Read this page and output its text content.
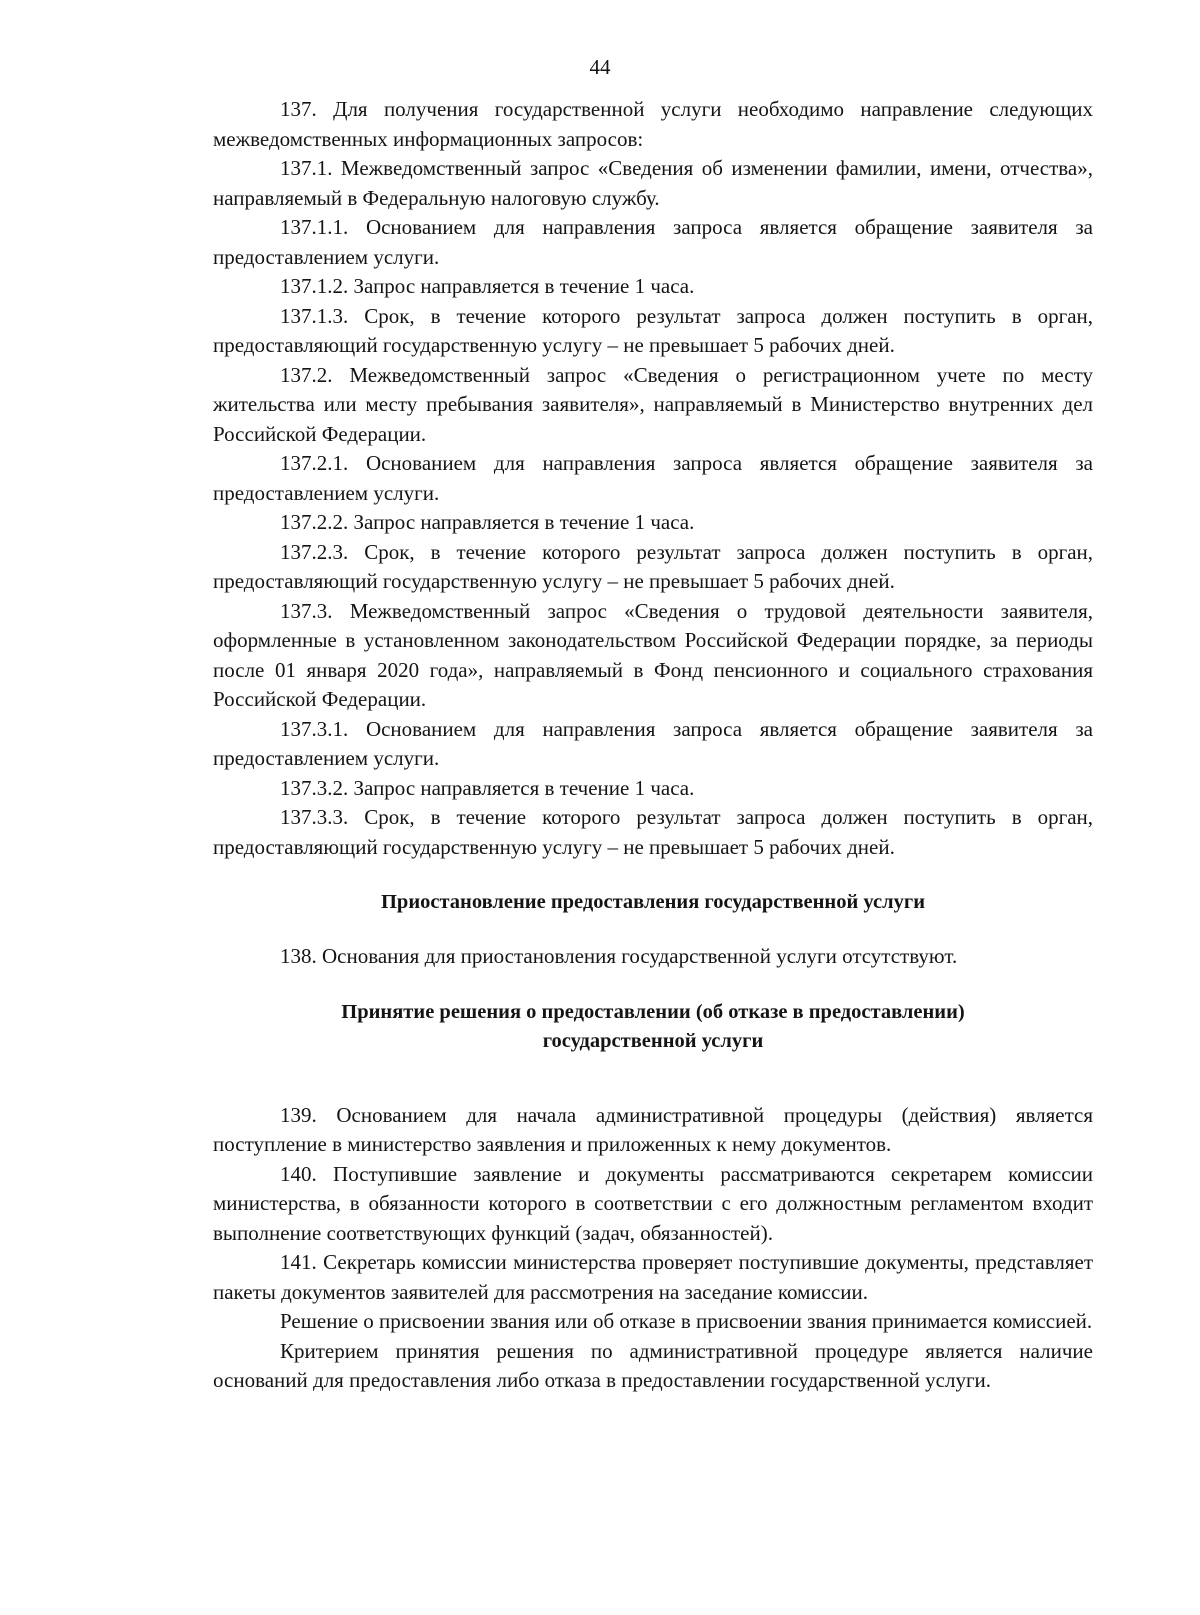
44

137. Для получения государственной услуги необходимо направление следующих межведомственных информационных запросов:

137.1. Межведомственный запрос «Сведения об изменении фамилии, имени, отчества», направляемый в Федеральную налоговую службу.

137.1.1. Основанием для направления запроса является обращение заявителя за предоставлением услуги.

137.1.2. Запрос направляется в течение 1 часа.

137.1.3. Срок, в течение которого результат запроса должен поступить в орган, предоставляющий государственную услугу – не превышает 5 рабочих дней.

137.2. Межведомственный запрос «Сведения о регистрационном учете по месту жительства или месту пребывания заявителя», направляемый в Министерство внутренних дел Российской Федерации.

137.2.1. Основанием для направления запроса является обращение заявителя за предоставлением услуги.

137.2.2. Запрос направляется в течение 1 часа.

137.2.3. Срок, в течение которого результат запроса должен поступить в орган, предоставляющий государственную услугу – не превышает 5 рабочих дней.

137.3. Межведомственный запрос «Сведения о трудовой деятельности заявителя, оформленные в установленном законодательством Российской Федерации порядке, за периоды после 01 января 2020 года», направляемый в Фонд пенсионного и социального страхования Российской Федерации.

137.3.1. Основанием для направления запроса является обращение заявителя за предоставлением услуги.

137.3.2. Запрос направляется в течение 1 часа.

137.3.3. Срок, в течение которого результат запроса должен поступить в орган, предоставляющий государственную услугу – не превышает 5 рабочих дней.

Приостановление предоставления государственной услуги

138. Основания для приостановления государственной услуги отсутствуют.

Принятие решения о предоставлении (об отказе в предоставлении)

государственной услуги

139. Основанием для начала административной процедуры (действия) является поступление в министерство заявления и приложенных к нему документов.

140. Поступившие заявление и документы рассматриваются секретарем комиссии министерства, в обязанности которого в соответствии с его должностным регламентом входит выполнение соответствующих функций (задач, обязанностей).

141. Секретарь комиссии министерства проверяет поступившие документы, представляет пакеты документов заявителей для рассмотрения на заседание комиссии.

Решение о присвоении звания или об отказе в присвоении звания принимается комиссией.

Критерием принятия решения по административной процедуре является наличие оснований для предоставления либо отказа в предоставлении государственной услуги.
